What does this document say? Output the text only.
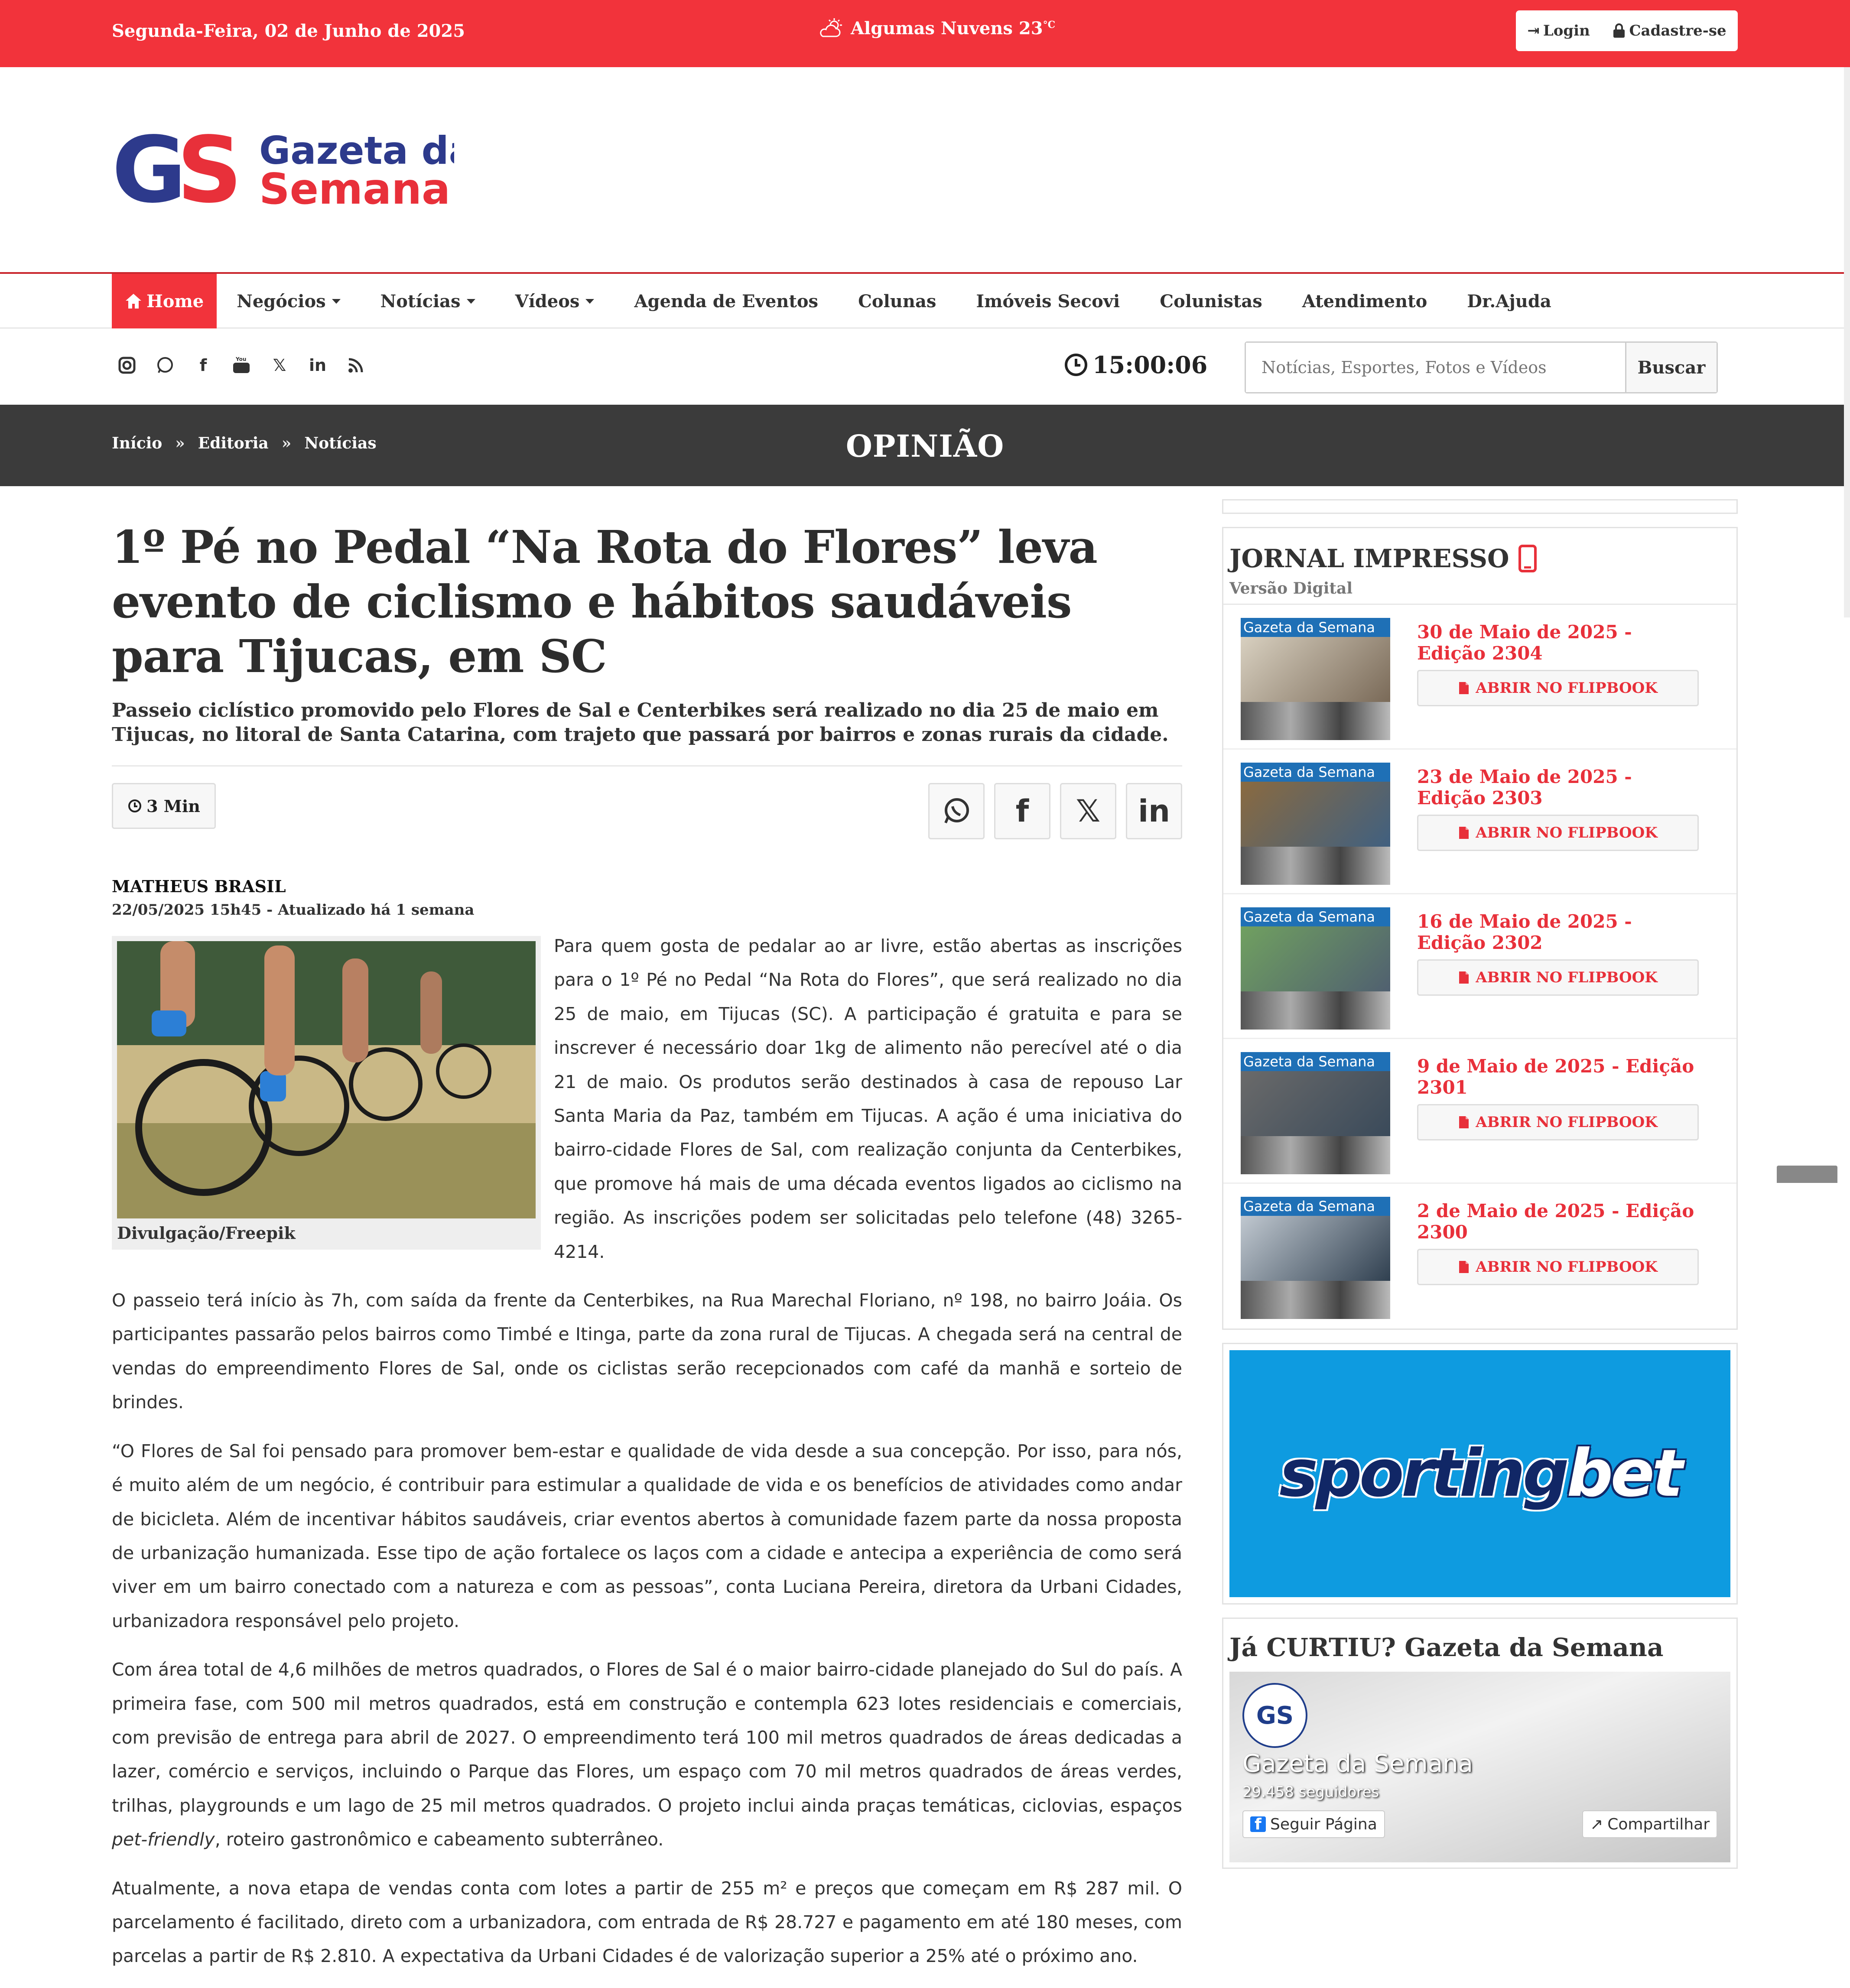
Segunda-Feira, 02 de Junho de 2025	Algumas Nuvens $23^{^\circ C}$	⇥ Login	Cadastre-se
G S Gazeta da
Semana
Home Negócios	Notícias	Vídeos	Agenda de Eventos	Colunas	Imóveis Secovi	Colunistas	Atendimento	Dr.Ajuda
f	You	𝕏	in	15:00:06
Notícias, Esportes, Fotos e Vídeos	Buscar
Início » Editoria » Notícias	OPINIÃO
1º Pé no Pedal “Na Rota do Flores” leva evento de ciclismo e hábitos saudáveis para Tijucas, em SC
Passeio ciclístico promovido pelo Flores de Sal e Centerbikes será realizado no dia 25 de maio em Tijucas, no litoral de Santa Catarina, com trajeto que passará por bairros e zonas rurais da cidade.
3 Min	f 𝕏 in
MATHEUS BRASIL
22/05/2025 15h45 - Atualizado há 1 semana
Divulgação/Freepik

Para quem gosta de pedalar ao ar livre, estão abertas as inscrições para o 1º Pé no Pedal “Na Rota do Flores”, que será realizado no dia 25 de maio, em Tijucas (SC). A participação é gratuita e para se inscrever é necessário doar 1kg de alimento não perecível até o dia 21 de maio. Os produtos serão destinados à casa de repouso Lar Santa Maria da Paz, também em Tijucas. A ação é uma iniciativa do bairro-cidade Flores de Sal, com realização conjunta da Centerbikes, que promove há mais de uma década eventos ligados ao ciclismo na região. As inscrições podem ser solicitadas pelo telefone (48) 3265-4214.

O passeio terá início às 7h, com saída da frente da Centerbikes, na Rua Marechal Floriano, nº 198, no bairro Joáia. Os participantes passarão pelos bairros como Timbé e Itinga, parte da zona rural de Tijucas. A chegada será na central de vendas do empreendimento Flores de Sal, onde os ciclistas serão recepcionados com café da manhã e sorteio de brindes.

“O Flores de Sal foi pensado para promover bem-estar e qualidade de vida desde a sua concepção. Por isso, para nós, é muito além de um negócio, é contribuir para estimular a qualidade de vida e os benefícios de atividades como andar de bicicleta. Além de incentivar hábitos saudáveis, criar eventos abertos à comunidade fazem parte da nossa proposta de urbanização humanizada. Esse tipo de ação fortalece os laços com a cidade e antecipa a experiência de como será viver em um bairro conectado com a natureza e com as pessoas”, conta Luciana Pereira, diretora da Urbani Cidades, urbanizadora responsável pelo projeto.

Com área total de 4,6 milhões de metros quadrados, o Flores de Sal é o maior bairro-cidade planejado do Sul do país. A primeira fase, com 500 mil metros quadrados, está em construção e contempla 623 lotes residenciais e comerciais, com previsão de entrega para abril de 2027. O empreendimento terá 100 mil metros quadrados de áreas dedicadas a lazer, comércio e serviços, incluindo o Parque das Flores, um espaço com 70 mil metros quadrados de áreas verdes, trilhas, playgrounds e um lago de 25 mil metros quadrados. O projeto inclui ainda praças temáticas, ciclovias, espaços pet-friendly, roteiro gastronômico e cabeamento subterrâneo.

Atualmente, a nova etapa de vendas conta com lotes a partir de 255 m² e preços que começam em R$ 287 mil. O parcelamento é facilitado, direto com a urbanizadora, com entrada de R$ 28.727 e pagamento em até 180 meses, com parcelas a partir de R$ 2.810. A expectativa da Urbani Cidades é de valorização superior a 25% até o próximo ano.

JORNAL IMPRESSO
Versão Digital
Gazeta da Semana	30 de Maio de 2025 - Edição 2304
ABRIR NO FLIPBOOK
Gazeta da Semana	23 de Maio de 2025 - Edição 2303
ABRIR NO FLIPBOOK
Gazeta da Semana	16 de Maio de 2025 - Edição 2302
ABRIR NO FLIPBOOK
Gazeta da Semana	9 de Maio de 2025 - Edição 2301
ABRIR NO FLIPBOOK
Gazeta da Semana	2 de Maio de 2025 - Edição 2300
ABRIR NO FLIPBOOK
sportingbet
Já CURTIU? Gazeta da Semana
GS
Gazeta da Semana
29.458 seguidores
f Seguir Página	↗ Compartilhar
